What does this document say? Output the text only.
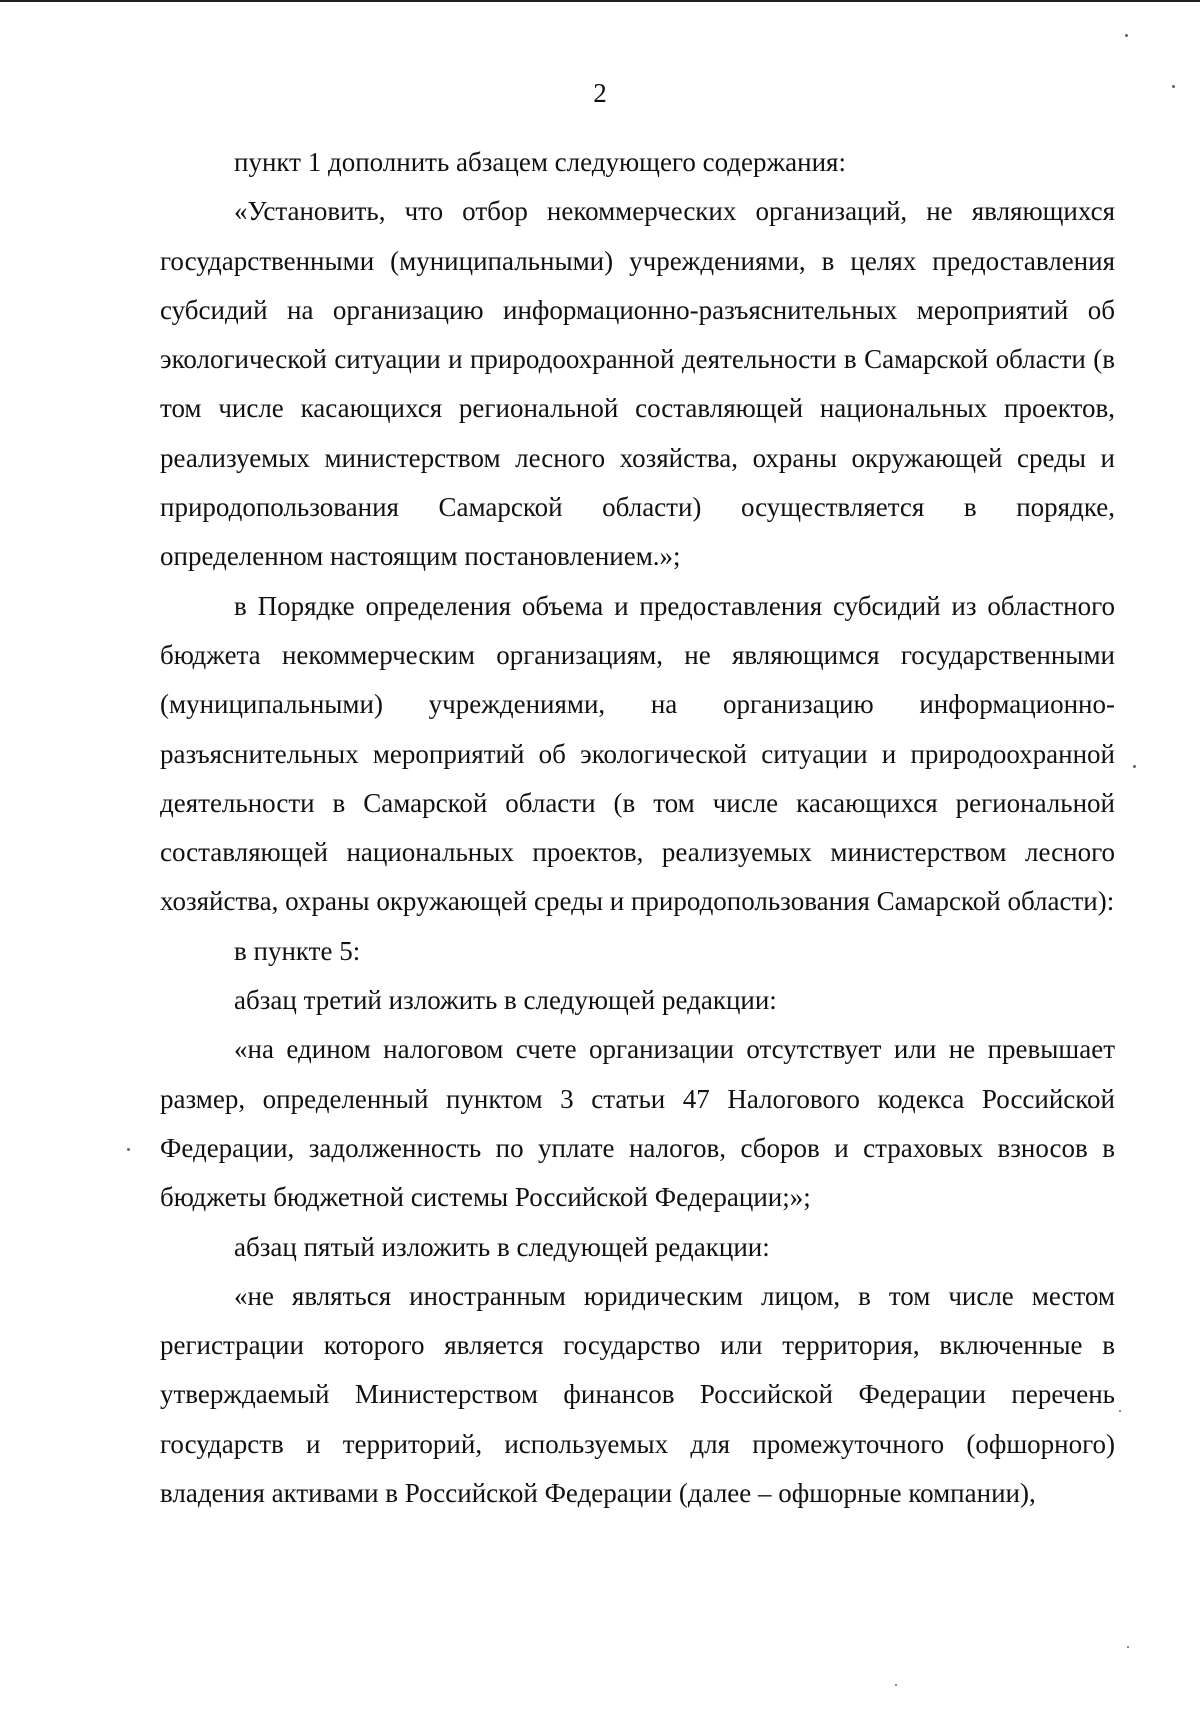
2

пункт 1 дополнить абзацем следующего содержания:

«Установить, что отбор некоммерческих организаций, не являющихся государственными (муниципальными) учреждениями, в целях предоставления субсидий на организацию информационно-разъяснительных мероприятий об экологической ситуации и природоохранной деятельности в Самарской области (в том числе касающихся региональной составляющей национальных проектов, реализуемых министерством лесного хозяйства, охраны окружающей среды и природопользования Самарской области) осуществляется в порядке, определенном настоящим постановлением.»;

в Порядке определения объема и предоставления субсидий из областного бюджета некоммерческим организациям, не являющимся государственными (муниципальными) учреждениями, на организацию информационно-разъяснительных мероприятий об экологической ситуации и природоохранной деятельности в Самарской области (в том числе касающихся региональной составляющей национальных проектов, реализуемых министерством лесного хозяйства, охраны окружающей среды и природопользования Самарской области):

в пункте 5:

абзац третий изложить в следующей редакции:

«на едином налоговом счете организации отсутствует или не превышает размер, определенный пунктом 3 статьи 47 Налогового кодекса Российской Федерации, задолженность по уплате налогов, сборов и страховых взносов в бюджеты бюджетной системы Российской Федерации;»;

абзац пятый изложить в следующей редакции:

«не являться иностранным юридическим лицом, в том числе местом регистрации которого является государство или территория, включенные в утверждаемый Министерством финансов Российской Федерации перечень государств и территорий, используемых для промежуточного (офшорного) владения активами в Российской Федерации (далее – офшорные компании),
